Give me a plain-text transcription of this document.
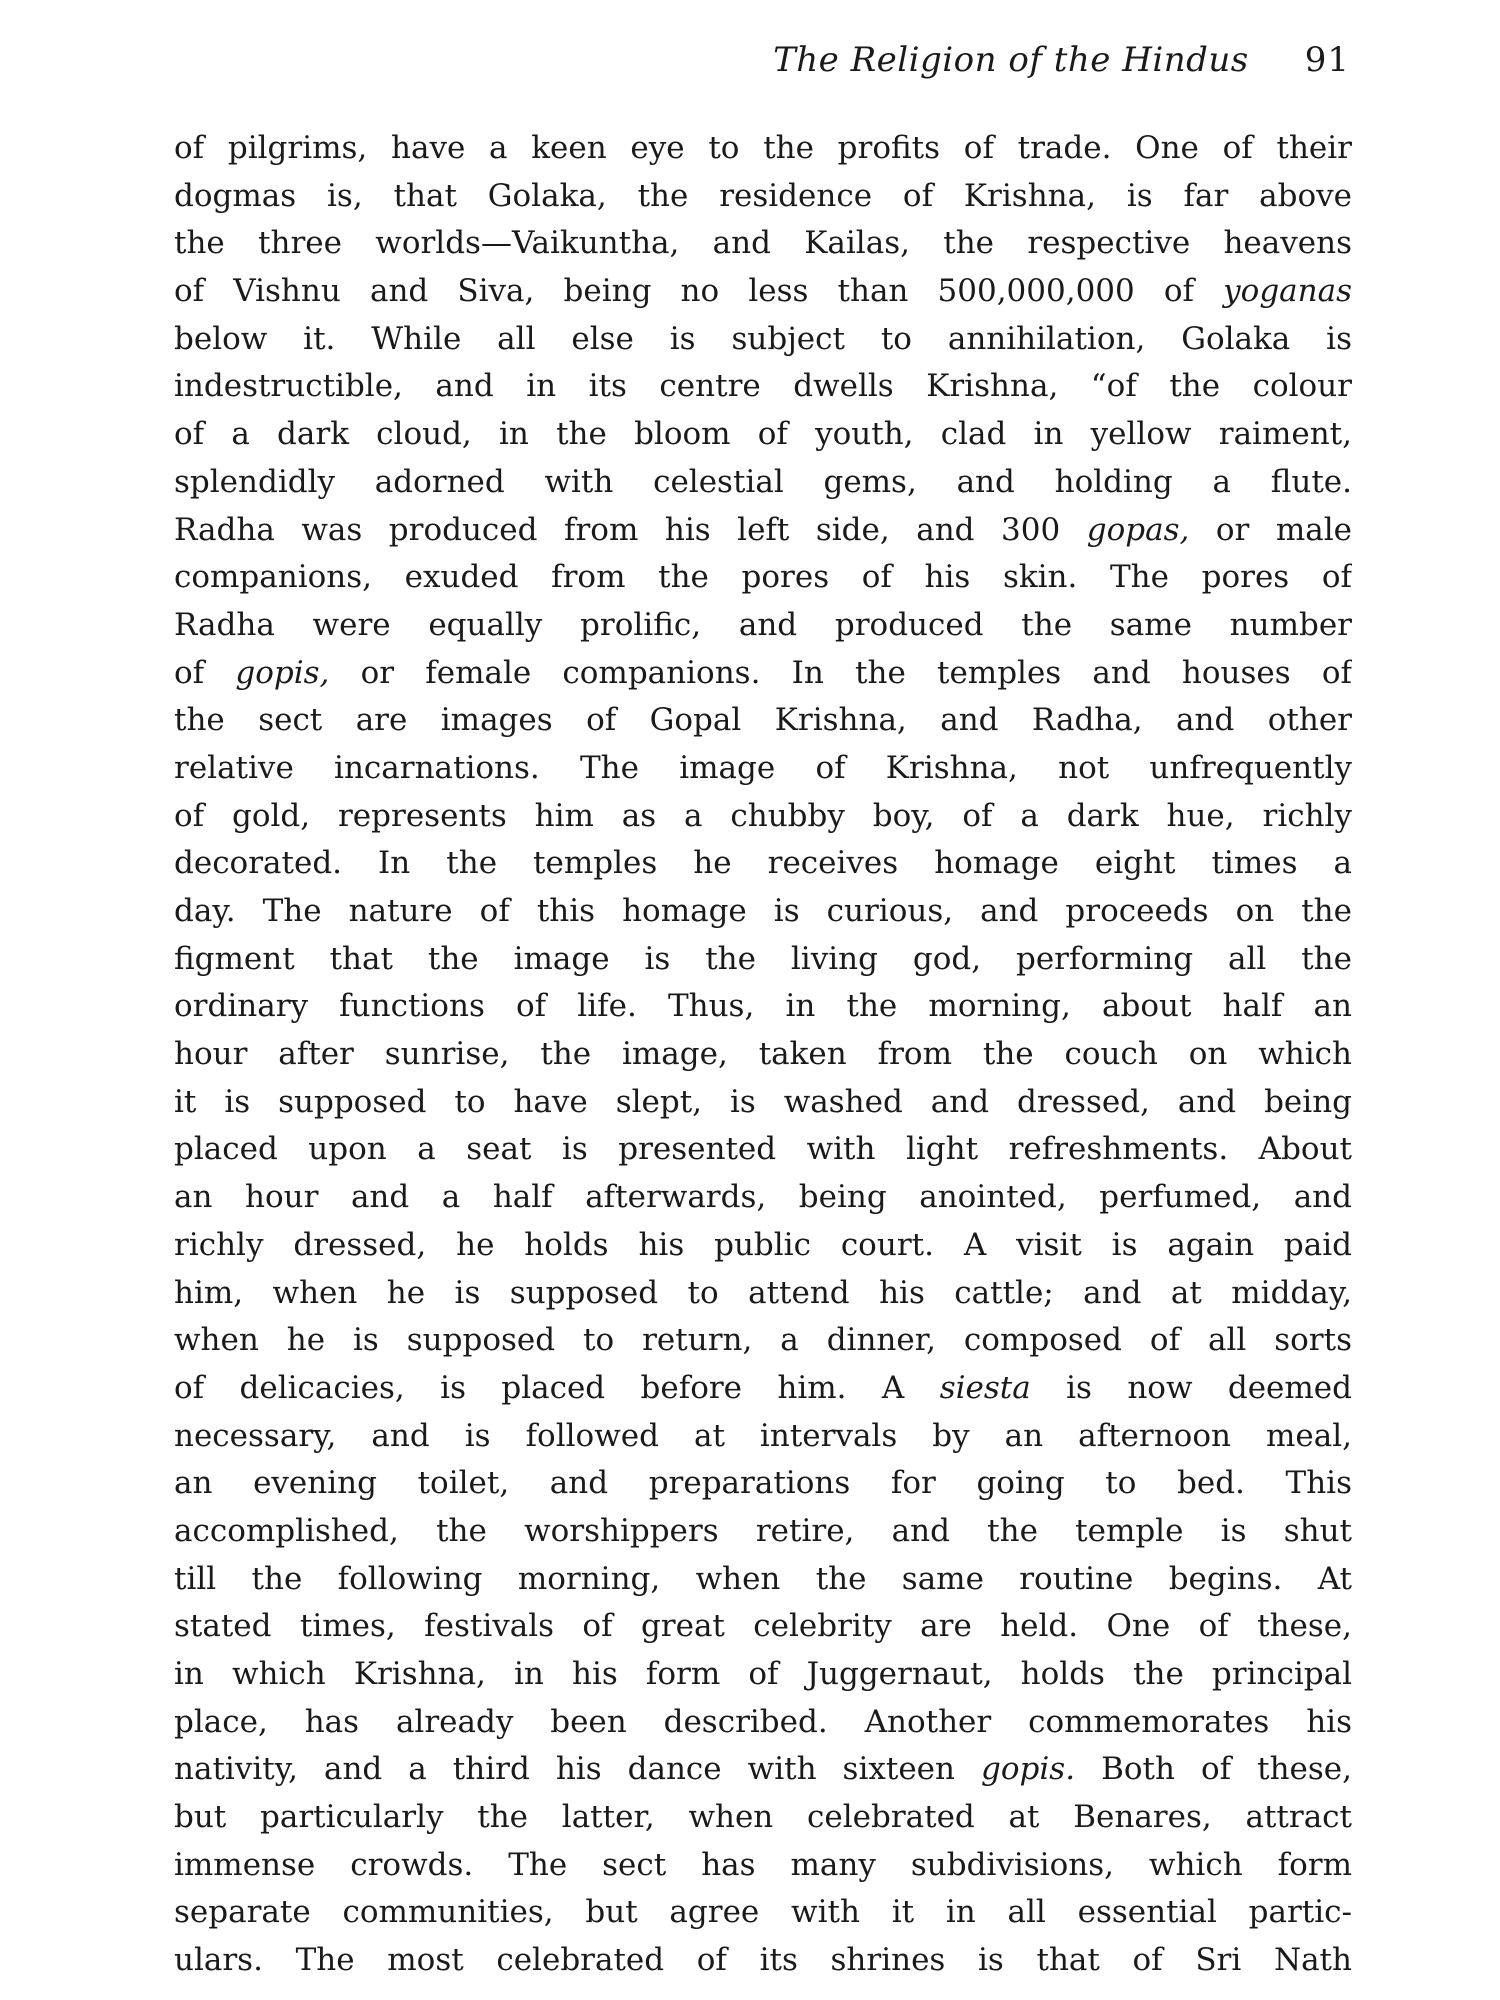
The Religion of the Hindus 91
of pilgrims, have a keen eye to the profits of trade. One of their
dogmas is, that Golaka, the residence of Krishna, is far above
the three worlds—Vaikuntha, and Kailas, the respective heavens
of Vishnu and Siva, being no less than 500,000,000 of yoganas
below it. While all else is subject to annihilation, Golaka is
indestructible, and in its centre dwells Krishna, “of the colour
of a dark cloud, in the bloom of youth, clad in yellow raiment,
splendidly adorned with celestial gems, and holding a flute.
Radha was produced from his left side, and 300 gopas, or male
companions, exuded from the pores of his skin. The pores of
Radha were equally prolific, and produced the same number
of gopis, or female companions. In the temples and houses of
the sect are images of Gopal Krishna, and Radha, and other
relative incarnations. The image of Krishna, not unfrequently
of gold, represents him as a chubby boy, of a dark hue, richly
decorated. In the temples he receives homage eight times a
day. The nature of this homage is curious, and proceeds on the
figment that the image is the living god, performing all the
ordinary functions of life. Thus, in the morning, about half an
hour after sunrise, the image, taken from the couch on which
it is supposed to have slept, is washed and dressed, and being
placed upon a seat is presented with light refreshments. About
an hour and a half afterwards, being anointed, perfumed, and
richly dressed, he holds his public court. A visit is again paid
him, when he is supposed to attend his cattle; and at midday,
when he is supposed to return, a dinner, composed of all sorts
of delicacies, is placed before him. A siesta is now deemed
necessary, and is followed at intervals by an afternoon meal,
an evening toilet, and preparations for going to bed. This
accomplished, the worshippers retire, and the temple is shut
till the following morning, when the same routine begins. At
stated times, festivals of great celebrity are held. One of these,
in which Krishna, in his form of Juggernaut, holds the principal
place, has already been described. Another commemorates his
nativity, and a third his dance with sixteen gopis. Both of these,
but particularly the latter, when celebrated at Benares, attract
immense crowds. The sect has many subdivisions, which form
separate communities, but agree with it in all essential partic-
ulars. The most celebrated of its shrines is that of Sri Nath
